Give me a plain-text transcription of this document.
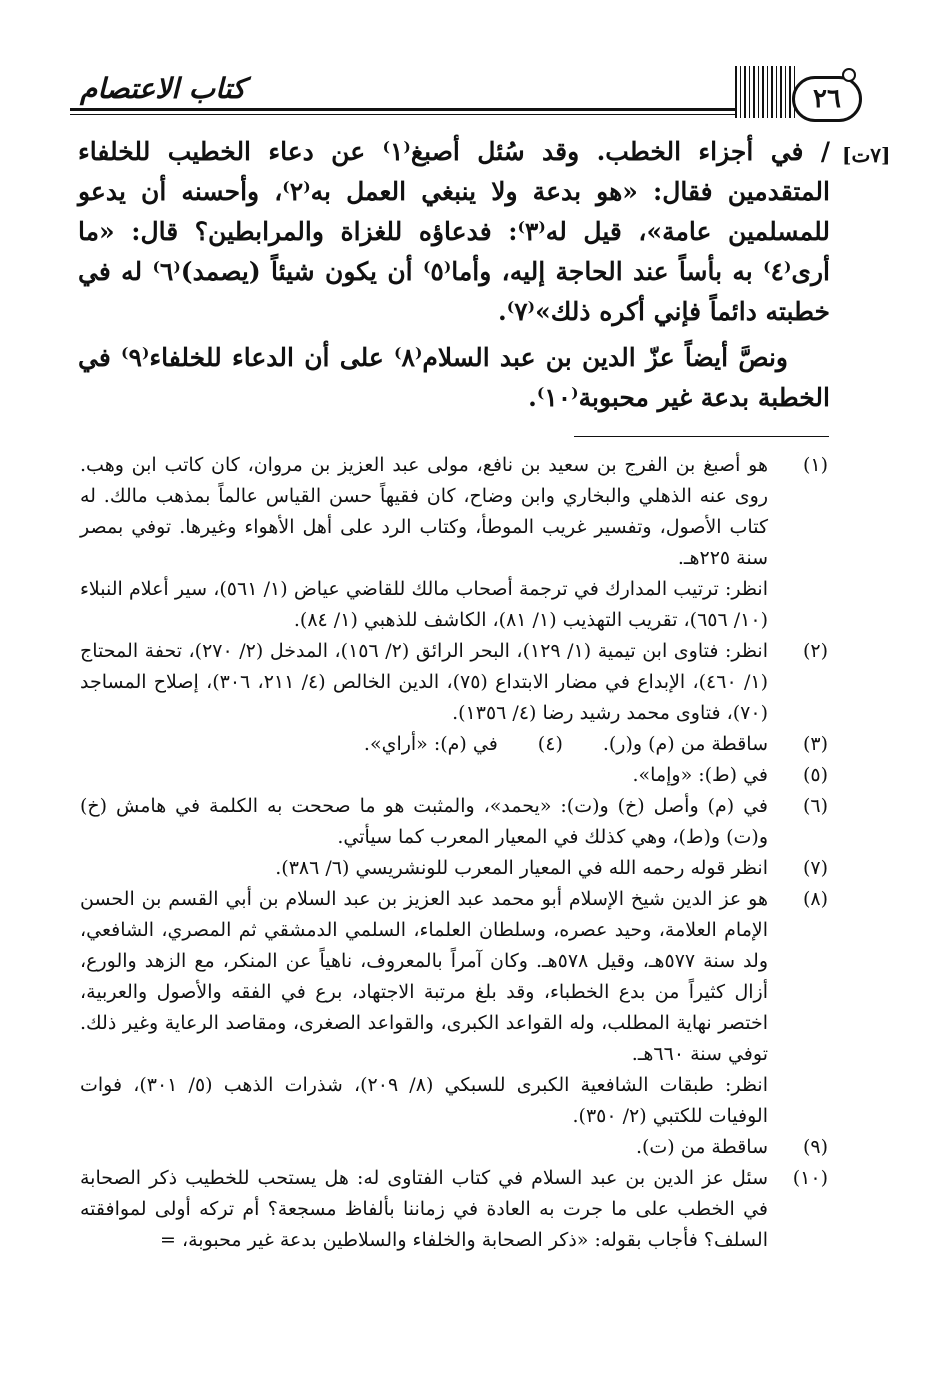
كتاب الاعتصام	٢٦
[٧ت]

/ في أجزاء الخطب. وقد سُئل أصبغ⁽١⁾ عن دعاء الخطيب للخلفاء المتقدمين فقال: «هو بدعة ولا ينبغي العمل به⁽٢⁾، وأحسنه أن يدعو للمسلمين عامة»، قيل له⁽٣⁾: فدعاؤه للغزاة والمرابطين؟ قال: «ما أرى⁽٤⁾ به بأساً عند الحاجة إليه، وأما⁽٥⁾ أن يكون شيئاً (يصمد)⁽٦⁾ له في خطبته دائماً فإني أكره ذلك»⁽٧⁾.

ونصَّ أيضاً عزّ الدين بن عبد السلام⁽٨⁾ على أن الدعاء للخلفاء⁽٩⁾ في الخطبة بدعة غير محبوبة⁽١٠⁾.

(١)

هو أصبغ بن الفرج بن سعيد بن نافع، مولى عبد العزيز بن مروان، كان كاتب ابن وهب. روى عنه الذهلي والبخاري وابن وضاح، كان فقيهاً حسن القياس عالماً بمذهب مالك. له كتاب الأصول، وتفسير غريب الموطأ، وكتاب الرد على أهل الأهواء وغيرها. توفي بمصر سنة ٢٢٥هـ.

انظر: ترتيب المدارك في ترجمة أصحاب مالك للقاضي عياض (١/ ٥٦١)، سير أعلام النبلاء (١٠/ ٦٥٦)، تقريب التهذيب (١/ ٨١)، الكاشف للذهبي (١/ ٨٤).

(٢)

انظر: فتاوى ابن تيمية (١/ ١٢٩)، البحر الرائق (٢/ ١٥٦)، المدخل (٢/ ٢٧٠)، تحفة المحتاج (١/ ٤٦٠)، الإبداع في مضار الابتداع (٧٥)، الدين الخالص (٤/ ٢١١، ٣٠٦)، إصلاح المساجد (٧٠)، فتاوى محمد رشيد رضا (٤/ ١٣٥٦).

(٣)
ساقطة من (م) و(ر).
(٤)
في (م): «أراي».
(٥)

في (ط): «وإما».

(٦)

في (م) وأصل (خ) و(ت): «يحمد»، والمثبت هو ما صححت به الكلمة في هامش (خ) و(ت) و(ط)، وهي كذلك في المعيار المعرب كما سيأتي.

(٧)

انظر قوله رحمه الله في المعيار المعرب للونشريسي (٦/ ٣٨٦).

(٨)

هو عز الدين شيخ الإسلام أبو محمد عبد العزيز بن عبد السلام بن أبي القسم بن الحسن الإمام العلامة، وحيد عصره، وسلطان العلماء، السلمي الدمشقي ثم المصري، الشافعي، ولد سنة ٥٧٧هـ، وقيل ٥٧٨هـ. وكان آمراً بالمعروف، ناهياً عن المنكر، مع الزهد والورع، أزال كثيراً من بدع الخطباء، وقد بلغ مرتبة الاجتهاد، برع في الفقه والأصول والعربية، اختصر نهاية المطلب، وله القواعد الكبرى، والقواعد الصغرى، ومقاصد الرعاية وغير ذلك. توفي سنة ٦٦٠هـ.

انظر: طبقات الشافعية الكبرى للسبكي (٨/ ٢٠٩)، شذرات الذهب (٥/ ٣٠١)، فوات الوفيات للكتبي (٢/ ٣٥٠).

(٩)

ساقطة من (ت).

(١٠)

سئل عز الدين بن عبد السلام في كتاب الفتاوى له: هل يستحب للخطيب ذكر الصحابة في الخطب على ما جرت به العادة في زماننا بألفاظ مسجعة؟ أم تركه أولى لموافقته السلف؟ فأجاب بقوله: «ذكر الصحابة والخلفاء والسلاطين بدعة غير محبوبة، =
